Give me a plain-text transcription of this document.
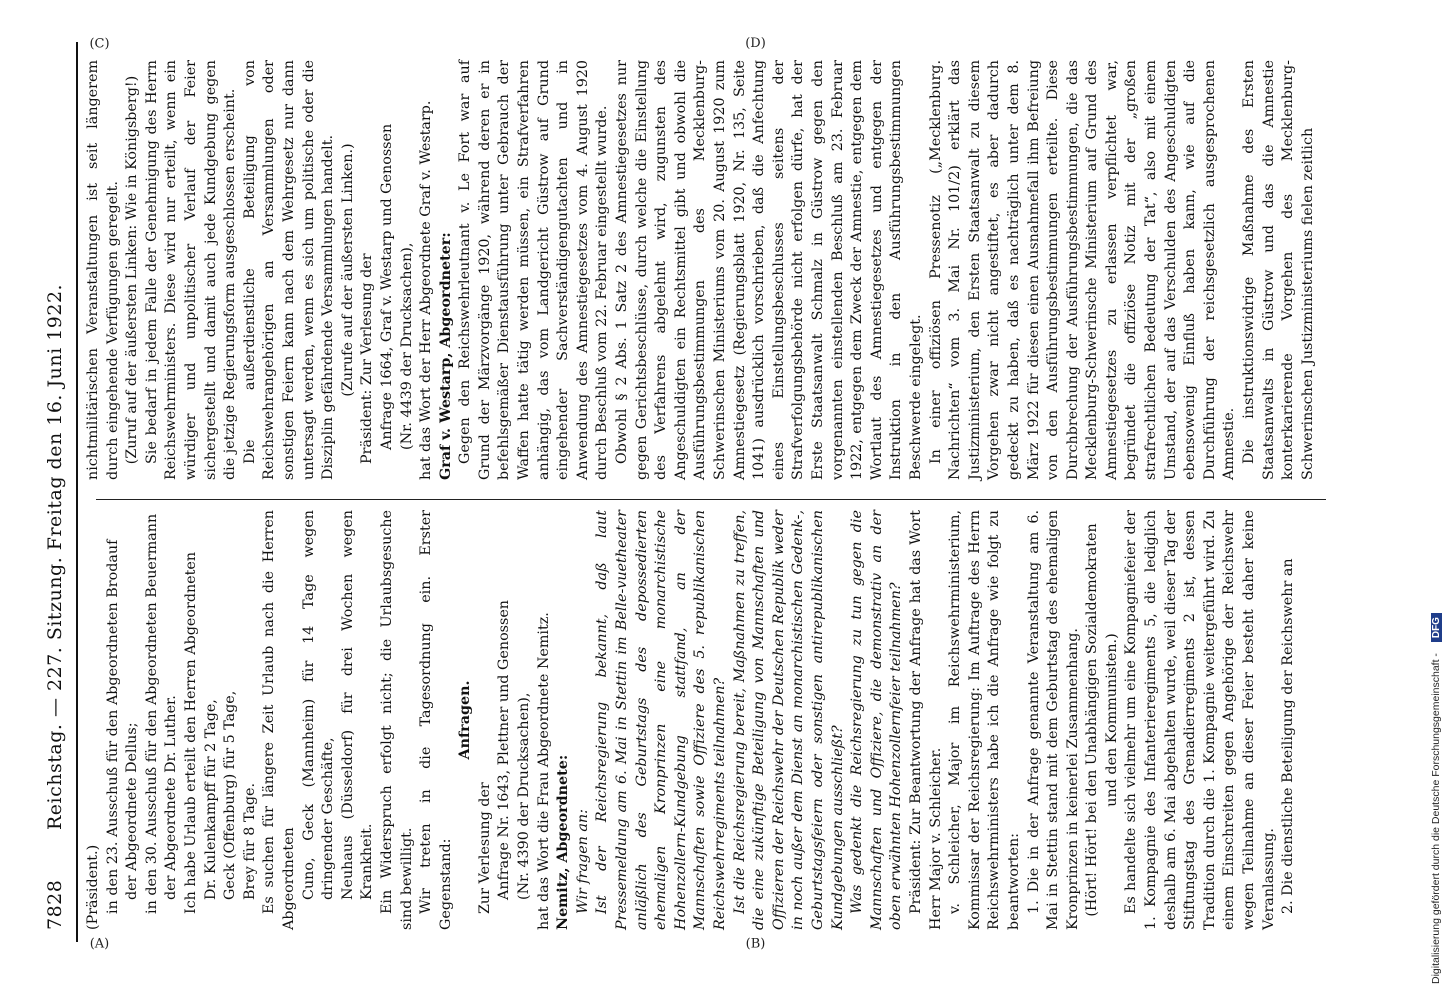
7828
Reichstag. — 227. Sitzung. Freitag den 16. Juni 1922.
(A)	(B)
(C)	(D)

(Präsident.) in den 23. Ausschuß für den Abgeordneten Brodauf der Abgeordnete Dellus; in den 30. Ausschuß für den Abgeordneten Beuermann der Abgeordnete Dr. Luther. Ich habe Urlaub erteilt den Herren Abgeordneten Dr. Kulenkampff für 2 Tage, Geck (Offenburg) für 5 Tage, Brey für 8 Tage. Es suchen für längere Zeit Urlaub nach die Herren Abgeordneten Cuno, Geck (Mannheim) für 14 Tage wegen dringender Geschäfte, Neuhaus (Düsseldorf) für drei Wochen wegen Krankheit. Ein Widerspruch erfolgt nicht; die Urlaubsgesuche sind bewilligt. Wir treten in die Tagesordnung ein. Erster Gegenstand:

Anfragen.

Zur Verlesung der Anfrage Nr. 1643, Plettner und Genossen (Nr. 4390 der Drucksachen), hat das Wort die Frau Abgeordnete Nemitz. Nemitz, Abgeordnete: Wir fragen an: Ist der Reichsregierung bekannt, daß laut Pressemeldung am 6. Mai in Stettin im Belle-vuetheater anläßlich des Geburtstags des depossedierten ehemaligen Kronprinzen eine monarchistische Hohenzollern-Kundgebung stattfand, an der Mannschaften sowie Offiziere des 5. republikanischen Reichswehrregiments teilnahmen? Ist die Reichsregierung bereit, Maßnahmen zu treffen, die eine zukünftige Beteiligung von Mannschaften und Offizieren der Reichswehr der Deutschen Republik weder in noch außer dem Dienst an monarchistischen Gedenk-, Geburtstagsfeiern oder sonstigen antirepublikanischen Kundgebungen ausschließt? Was gedenkt die Reichsregierung zu tun gegen die Mannschaften und Offiziere, die demonstrativ an der oben erwähnten Hohenzollernfeier teilnahmen? Präsident: Zur Beantwortung der Anfrage hat das Wort Herr Major v. Schleicher. v. Schleicher, Major im Reichswehrministerium, Kommissar der Reichsregierung: Im Auftrage des Herrn Reichswehrministers habe ich die Anfrage wie folgt zu beantworten: 1. Die in der Anfrage genannte Veranstaltung am 6. Mai in Stettin stand mit dem Geburtstag des ehemaligen Kronprinzen in keinerlei Zusammenhang. (Hört! Hört! bei den Unabhängigen Sozialdemokraten und den Kommunisten.) Es handelte sich vielmehr um eine Kompagniefeier der 1. Kompagnie des Infanterieregiments 5, die lediglich deshalb am 6. Mai abgehalten wurde, weil dieser Tag der Stiftungstag des Grenadierregiments 2 ist, dessen Tradition durch die 1. Kompagnie weitergeführt wird. Zu einem Einschreiten gegen Angehörige der Reichswehr wegen Teilnahme an dieser Feier besteht daher keine Veranlassung. 2. Die dienstliche Beteiligung der Reichswehr an

nichtmilitärischen Veranstaltungen ist seit längerem durch eingehende Verfügungen geregelt. (Zuruf auf der äußersten Linken: Wie in Königsberg!) Sie bedarf in jedem Falle der Genehmigung des Herrn Reichswehrministers. Diese wird nur erteilt, wenn ein würdiger und unpolitischer Verlauf der Feier sichergestellt und damit auch jede Kundgebung gegen die jetzige Regierungsform ausgeschlossen erscheint. Die außerdienstliche Beteiligung von Reichswehrangehörigen an Versammlungen oder sonstigen Feiern kann nach dem Wehrgesetz nur dann untersagt werden, wenn es sich um politische oder die Disziplin gefährdende Versammlungen handelt. (Zurufe auf der äußersten Linken.) Präsident: Zur Verlesung der Anfrage 1664, Graf v. Westarp und Genossen (Nr. 4439 der Drucksachen), hat das Wort der Herr Abgeordnete Graf v. Westarp. Graf v. Westarp, Abgeordneter: Gegen den Reichswehrleutnant v. Le Fort war auf Grund der Märzvorgänge 1920, während deren er in befehlsgemäßer Dienstausführung unter Gebrauch der Waffen hatte tätig werden müssen, ein Strafverfahren anhängig, das vom Landgericht Güstrow auf Grund eingehender Sachverständigengutachten und in Anwendung des Amnestiegesetzes vom 4. August 1920 durch Beschluß vom 22. Februar eingestellt wurde. Obwohl § 2 Abs. 1 Satz 2 des Amnestiegesetzes nur gegen Gerichtsbeschlüsse, durch welche die Einstellung des Verfahrens abgelehnt wird, zugunsten des Angeschuldigten ein Rechtsmittel gibt und obwohl die Ausführungsbestimmungen des Mecklenburg-Schwerinschen Ministeriums vom 20. August 1920 zum Amnestiegesetz (Regierungsblatt 1920, Nr. 135, Seite 1041) ausdrücklich vorschrieben, daß die Anfechtung eines Einstellungsbeschlusses seitens der Strafverfolgungsbehörde nicht erfolgen dürfe, hat der Erste Staatsanwalt Schmalz in Güstrow gegen den vorgenannten einstellenden Beschluß am 23. Februar 1922, entgegen dem Zweck der Amnestie, entgegen dem Wortlaut des Amnestiegesetzes und entgegen der Instruktion in den Ausführungsbestimmungen Beschwerde eingelegt. In einer offiziösen Pressenotiz („Mecklenburg. Nachrichten“ vom 3. Mai Nr. 101/2) erklärt das Justizministerium, den Ersten Staatsanwalt zu diesem Vorgehen zwar nicht angestiftet, es aber dadurch gedeckt zu haben, daß es nachträglich unter dem 8. März 1922 für diesen einen Ausnahmefall ihm Befreiung von den Ausführungsbestimmungen erteilte. Diese Durchbrechung der Ausführungsbestimmungen, die das Mecklenburg-Schwerinsche Ministerium auf Grund des Amnestiegesetzes zu erlassen verpflichtet war, begründet die offiziöse Notiz mit der „großen strafrechtlichen Bedeutung der Tat“, also mit einem Umstand, der auf das Verschulden des Angeschuldigten ebensowenig Einfluß haben kann, wie auf die Durchführung der reichsgesetzlich ausgesprochenen Amnestie. Die instruktionswidrige Maßnahme des Ersten Staatsanwalts in Güstrow und das die Amnestie konterkarierende Vorgehen des Mecklenburg-Schwerinschen Justizministeriums fielen zeitlich

Digitalisierung gefördert durch die Deutsche Forschungsgemeinschaft - DFG
